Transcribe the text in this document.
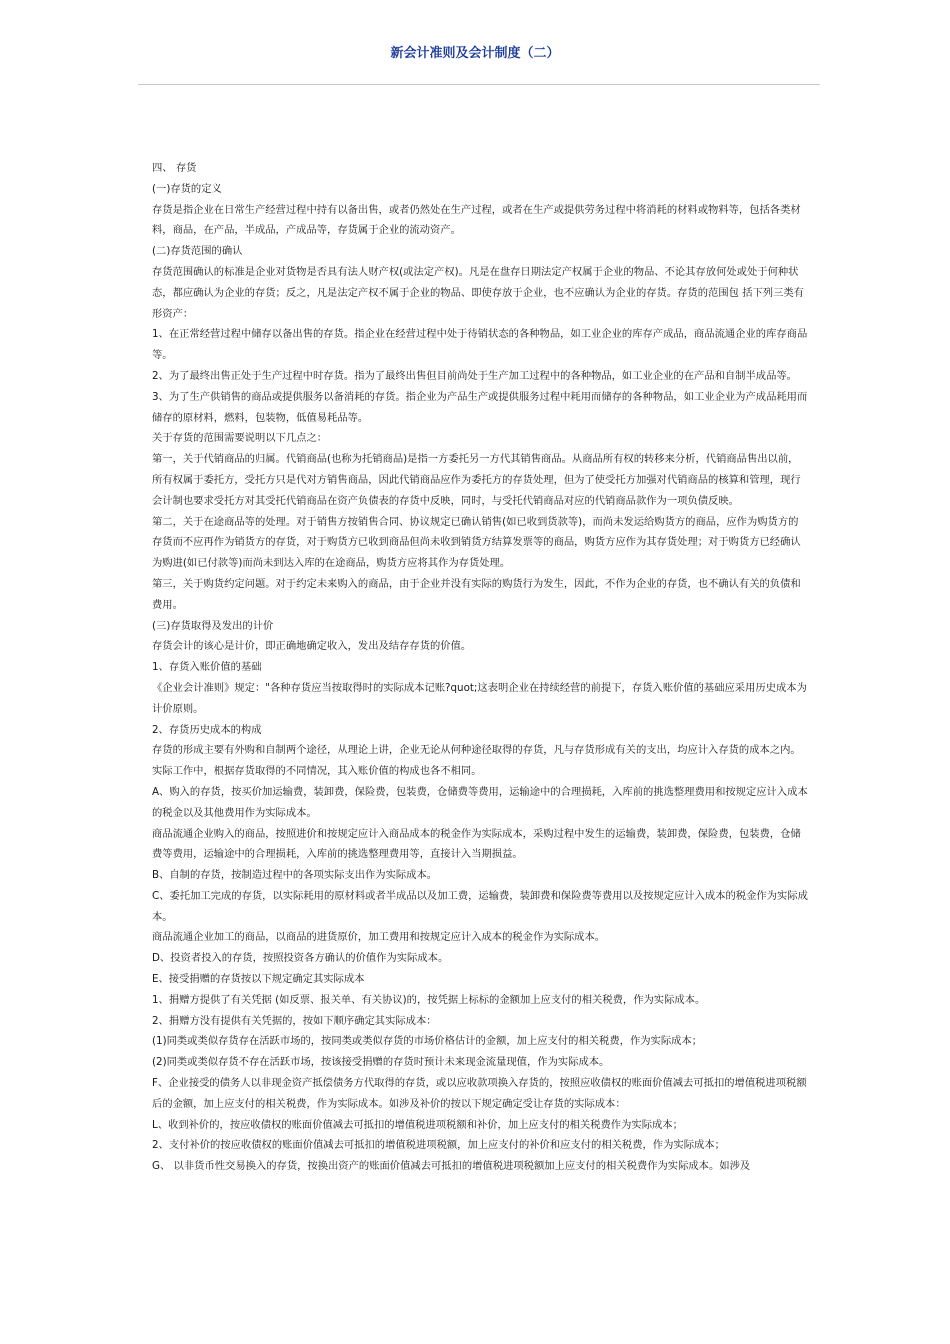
新会计准则及会计制度（二）

四、 存货

(一)存货的定义

存货是指企业在日常生产经营过程中持有以备出售，或者仍然处在生产过程，或者在生产或提供劳务过程中将消耗的材料或物料等，包括各类材料，商品，在产品，半成品，产成品等，存货属于企业的流动资产。

(二)存货范围的确认

存货范围确认的标准是企业对货物是否具有法人财产权(或法定产权)。凡是在盘存日期法定产权属于企业的物品、不论其存放何处或处于何种状态，都应确认为企业的存货；反之，凡是法定产权不属于企业的物品、即使存放于企业，也不应确认为企业的存货。存货的范围包 括下列三类有形资产：

1、在正常经营过程中储存以备出售的存货。指企业在经营过程中处于待销状态的各种物品，如工业企业的库存产成品，商品流通企业的库存商品等。

2、为了最终出售正处于生产过程中时存货。指为了最终出售但目前尚处于生产加工过程中的各种物品，如工业企业的在产品和自制半成品等。

3、为了生产供销售的商品或提供服务以备消耗的存货。指企业为产品生产或提供服务过程中耗用而储存的各种物品，如工业企业为产成品耗用而储存的原材料，燃料，包装物，低值易耗品等。

关于存货的范围需要说明以下几点之：

第一，关于代销商品的归属。代销商品(也称为托销商品)是指一方委托另一方代其销售商品。从商品所有权的转移来分析，代销商品售出以前，所有权属于委托方，受托方只是代对方销售商品，因此代销商品应作为委托方的存货处理，但为了使受托方加强对代销商品的核算和管理，现行会计制也要求受托方对其受托代销商品在资产负债表的存货中反映，同时，与受托代销商品对应的代销商品款作为一项负债反映。

第二，关于在途商品等的处理。对于销售方按销售合同、协议规定已确认销售(如已收到货款等)，而尚未发运给购货方的商品，应作为购货方的存货而不应再作为销货方的存货，对于购货方已收到商品但尚未收到销货方结算发票等的商品，购货方应作为其存货处理；对于购货方已经确认为购进(如已付款等)而尚未到达入库的在途商品，购货方应将其作为存货处理。

第三，关于购货约定问题。对于约定未来购入的商品，由于企业并没有实际的购货行为发生，因此，不作为企业的存货，也不确认有关的负债和费用。

(三)存货取得及发出的计价

存货会计的该心是计价，即正确地确定收入，发出及结存存货的价值。

1、存货入账价值的基础

《企业会计准则》规定："各种存货应当按取得时的实际成本记账?quot;这表明企业在持续经营的前提下，存货入账价值的基础应采用历史成本为计价原则。

2、存货历史成本的构成

存货的形成主要有外购和自制两个途径，从理论上讲，企业无论从何种途径取得的存货，凡与存货形成有关的支出，均应计入存货的成本之内。实际工作中，根据存货取得的不同情况，其入账价值的构成也各不相同。

A、购入的存货，按买价加运输费，装卸费，保险费，包装费，仓储费等费用，运输途中的合理损耗，入库前的挑选整理费用和按规定应计入成本的税金以及其他费用作为实际成本。

商品流通企业购入的商品，按照进价和按规定应计入商品成本的税金作为实际成本，采购过程中发生的运输费，装卸费，保险费，包装费，仓储费等费用，运输途中的合理损耗，入库前的挑选整理费用等，直接计入当期损益。

B、自制的存货，按制造过程中的各项实际支出作为实际成本。

C、委托加工完成的存货，以实际耗用的原材料或者半成品以及加工费，运输费，装卸费和保险费等费用以及按规定应计入成本的税金作为实际成本。

商品流通企业加工的商品，以商品的进货原价，加工费用和按规定应计入成本的税金作为实际成本。

D、投资者投入的存货，按照投资各方确认的价值作为实际成本。

E、接受捐赠的存货按以下规定确定其实际成本

1、捐赠方提供了有关凭据 (如反票、报关单、有关协议)的，按凭据上标标的金额加上应支付的相关税费，作为实际成本。

2、捐赠方没有提供有关凭据的，按如下顺序确定其实际成本：

(1)同类或类似存货存在活跃市场的，按同类或类似存货的市场价格估计的金额，加上应支付的相关税费，作为实际成本；

(2)同类或类似存货不存在活跃市场，按该接受捐赠的存货时预计未来现金流量现值，作为实际成本。

F、企业接受的债务人以非现金资产抵偿债务方代取得的存货，或以应收款项换入存货的，按照应收债权的账面价值减去可抵扣的增值税进项税额后的金额，加上应支付的相关税费，作为实际成本。如涉及补价的按以下规定确定受让存货的实际成本：

L、收到补价的，按应收债权的账面价值减去可抵扣的增值税进项税额和补价，加上应支付的相关税费作为实际成本；

2、支付补价的按应收债权的账面价值减去可抵扣的增值税进项税额，加上应支付的补价和应支付的相关税费，作为实际成本；

G、 以非货币性交易换入的存货，按换出资产的账面价值减去可抵扣的增值税进项税额加上应支付的相关税费作为实际成本。如涉及
